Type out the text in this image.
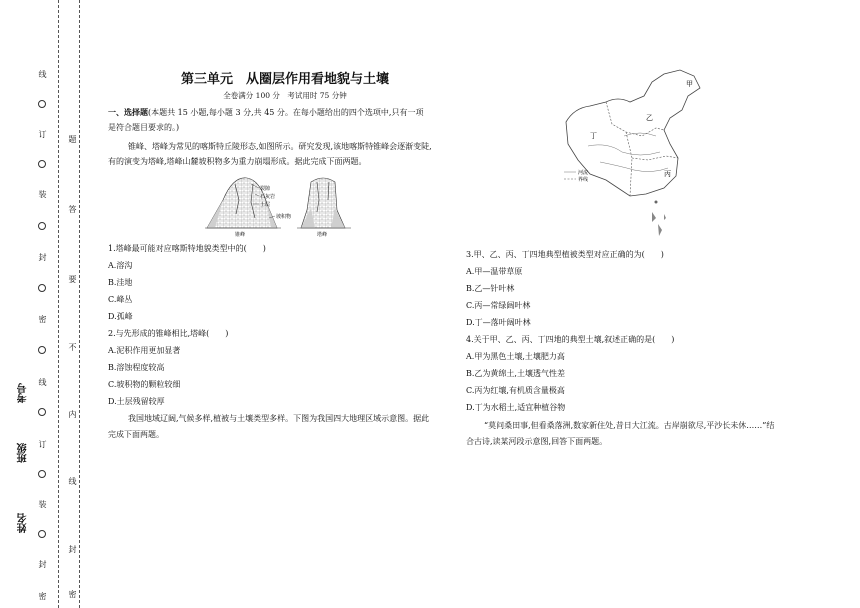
线
订
装
封
密
线
订
装
封
密
题
答
要
不
内
线
封
密
考号
班级
姓名
第三单元　从圈层作用看地貌与土壤
全卷满分 100 分　考试用时 75 分钟
一、选择题(本题共 15 小题,每小题 3 分,共 45 分。在每小题给出的四个选项中,只有一项
是符合题目要求的。)
锥峰、塔峰为常见的喀斯特丘陵形态,如图所示。研究发现,该地喀斯特锥峰会逐渐变陡,
有的演变为塔峰,塔峰山麓坡积物多为重力崩塌形成。据此完成下面两题。
裂隙
石灰岩
土层
坡积物
锥峰	塔峰
1.塔峰最可能对应喀斯特地貌类型中的(　　)
A.溶沟
B.洼地
C.峰丛
D.孤峰
2.与先形成的锥峰相比,塔峰(　　)
A.泥积作用更加显著
B.溶蚀程度较高
C.坡积物的颗粒较细
D.土层残留较厚
我国地域辽阔,气候多样,植被与土壤类型多样。下图为我国四大地理区域示意图。据此
完成下面两题。
甲
乙
丙
丁
河流
界线
3.甲、乙、丙、丁四地典型植被类型对应正确的为(　　)
A.甲—温带草原
B.乙—针叶林
C.丙—常绿阔叶林
D.丁—落叶阔叶林
4.关于甲、乙、丙、丁四地的典型土壤,叙述正确的是(　　)
A.甲为黑色土壤,土壤肥力高
B.乙为黄绵土,土壤透气性差
C.丙为红壤,有机质含量极高
D.丁为水稻土,适宜种植谷物
“莫问桑田事,但看桑落洲,数家新住处,昔日大江流。古岸崩欲尽,平沙长未休……”结
合古诗,读某河段示意图,回答下面两题。
